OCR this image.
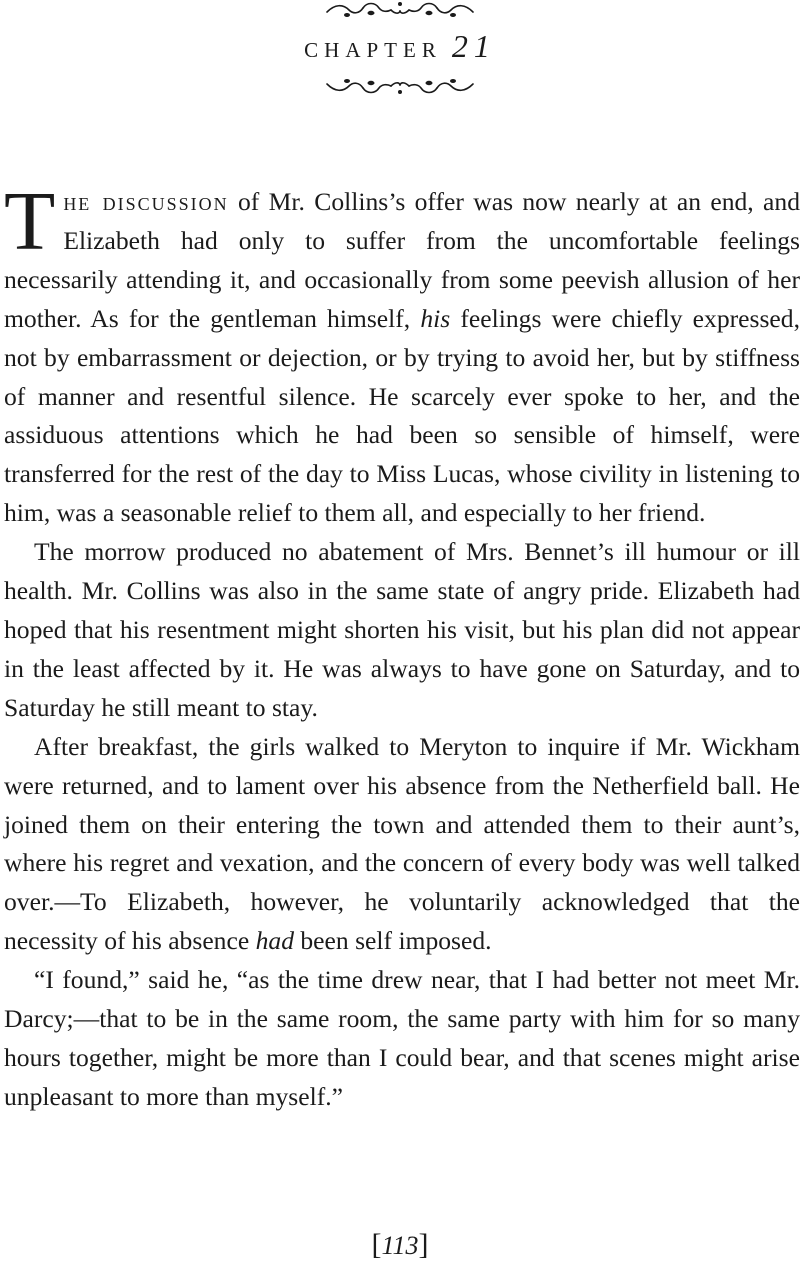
chapter 21

The discussion of Mr. Collins’s offer was now nearly at an end, and Elizabeth had only to suffer from the uncomfortable feelings necessarily attending it, and occasionally from some peevish allusion of her mother. As for the gentleman himself, his feelings were chiefly expressed, not by embarrassment or dejection, or by trying to avoid her, but by stiffness of manner and resentful silence. He scarcely ever spoke to her, and the assiduous attentions which he had been so sensible of himself, were transferred for the rest of the day to Miss Lucas, whose civility in listening to him, was a seasonable relief to them all, and especially to her friend.

The morrow produced no abatement of Mrs. Bennet’s ill humour or ill health. Mr. Collins was also in the same state of angry pride. Elizabeth had hoped that his resentment might shorten his visit, but his plan did not appear in the least affected by it. He was always to have gone on Saturday, and to Saturday he still meant to stay.

After breakfast, the girls walked to Meryton to inquire if Mr. Wickham were returned, and to lament over his absence from the Netherfield ball. He joined them on their entering the town and attended them to their aunt’s, where his regret and vexation, and the concern of every body was well talked over.—To Elizabeth, however, he voluntarily acknowledged that the necessity of his absence had been self imposed.

“I found,” said he, “as the time drew near, that I had better not meet Mr. Darcy;—that to be in the same room, the same party with him for so many hours together, might be more than I could bear, and that scenes might arise unpleasant to more than myself.”

[113]
